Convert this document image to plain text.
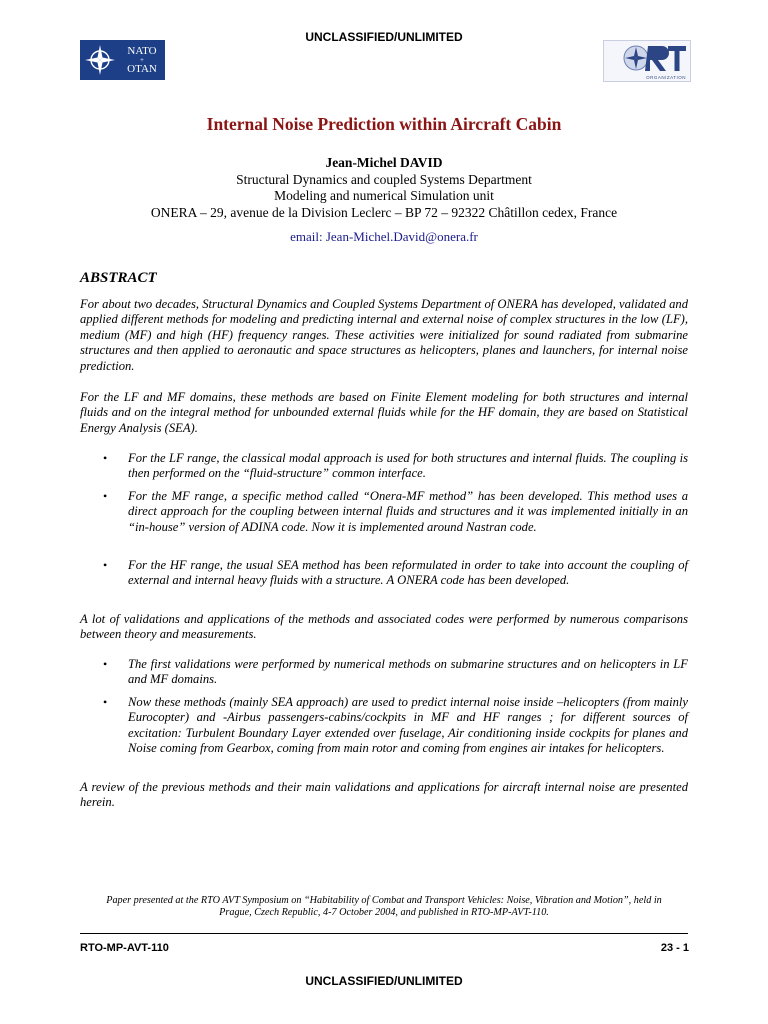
UNCLASSIFIED/UNLIMITED
NATO
+
OTAN
ORGANIZATION
Internal Noise Prediction within Aircraft Cabin
Jean-Michel DAVID
Structural Dynamics and coupled Systems Department
Modeling and numerical Simulation unit
ONERA – 29, avenue de la Division Leclerc – BP 72 – 92322 Châtillon cedex, France
email: Jean-Michel.David@onera.fr
ABSTRACT

For about two decades, Structural Dynamics and Coupled Systems Department of ONERA has developed, validated and applied different methods for modeling and predicting internal and external noise of complex structures in the low (LF), medium (MF) and high (HF) frequency ranges. These activities were initialized for sound radiated from submarine structures and then applied to aeronautic and space structures as helicopters, planes and launchers, for internal noise prediction.

For the LF and MF domains, these methods are based on Finite Element modeling for both structures and internal fluids and on the integral method for unbounded external fluids while for the HF domain, they are based on Statistical Energy Analysis (SEA).

• For the LF range, the classical modal approach is used for both structures and internal fluids. The coupling is then performed on the “fluid-structure” common interface.

• For the MF range, a specific method called “Onera-MF method” has been developed. This method uses a direct approach for the coupling between internal fluids and structures and it was implemented initially in an “in-house” version of ADINA code. Now it is implemented around Nastran code.

• For the HF range, the usual SEA method has been reformulated in order to take into account the coupling of external and internal heavy fluids with a structure. A ONERA code has been developed.

A lot of validations and applications of the methods and associated codes were performed by numerous comparisons between theory and measurements.

• The first validations were performed by numerical methods on submarine structures and on helicopters in LF and MF domains.

• Now these methods (mainly SEA approach) are used to predict internal noise inside –helicopters (from mainly Eurocopter) and -Airbus passengers-cabins/cockpits in MF and HF ranges ; for different sources of excitation: Turbulent Boundary Layer extended over fuselage, Air conditioning inside cockpits for planes and Noise coming from Gearbox, coming from main rotor and coming from engines air intakes for helicopters.

A review of the previous methods and their main validations and applications for aircraft internal noise are presented herein.

Paper presented at the RTO AVT Symposium on “Habitability of Combat and Transport Vehicles: Noise, Vibration and Motion”, held in Prague, Czech Republic, 4-7 October 2004, and published in RTO-MP-AVT-110.
RTO-MP-AVT-110	23 - 1
UNCLASSIFIED/UNLIMITED
